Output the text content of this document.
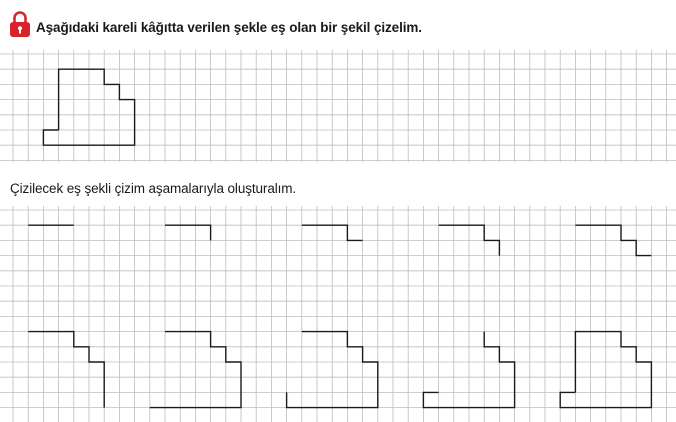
Aşağıdaki kareli kâğıtta verilen şekle eş olan bir şekil çizelim.
Çizilecek eş şekli çizim aşamalarıyla oluşturalım.
